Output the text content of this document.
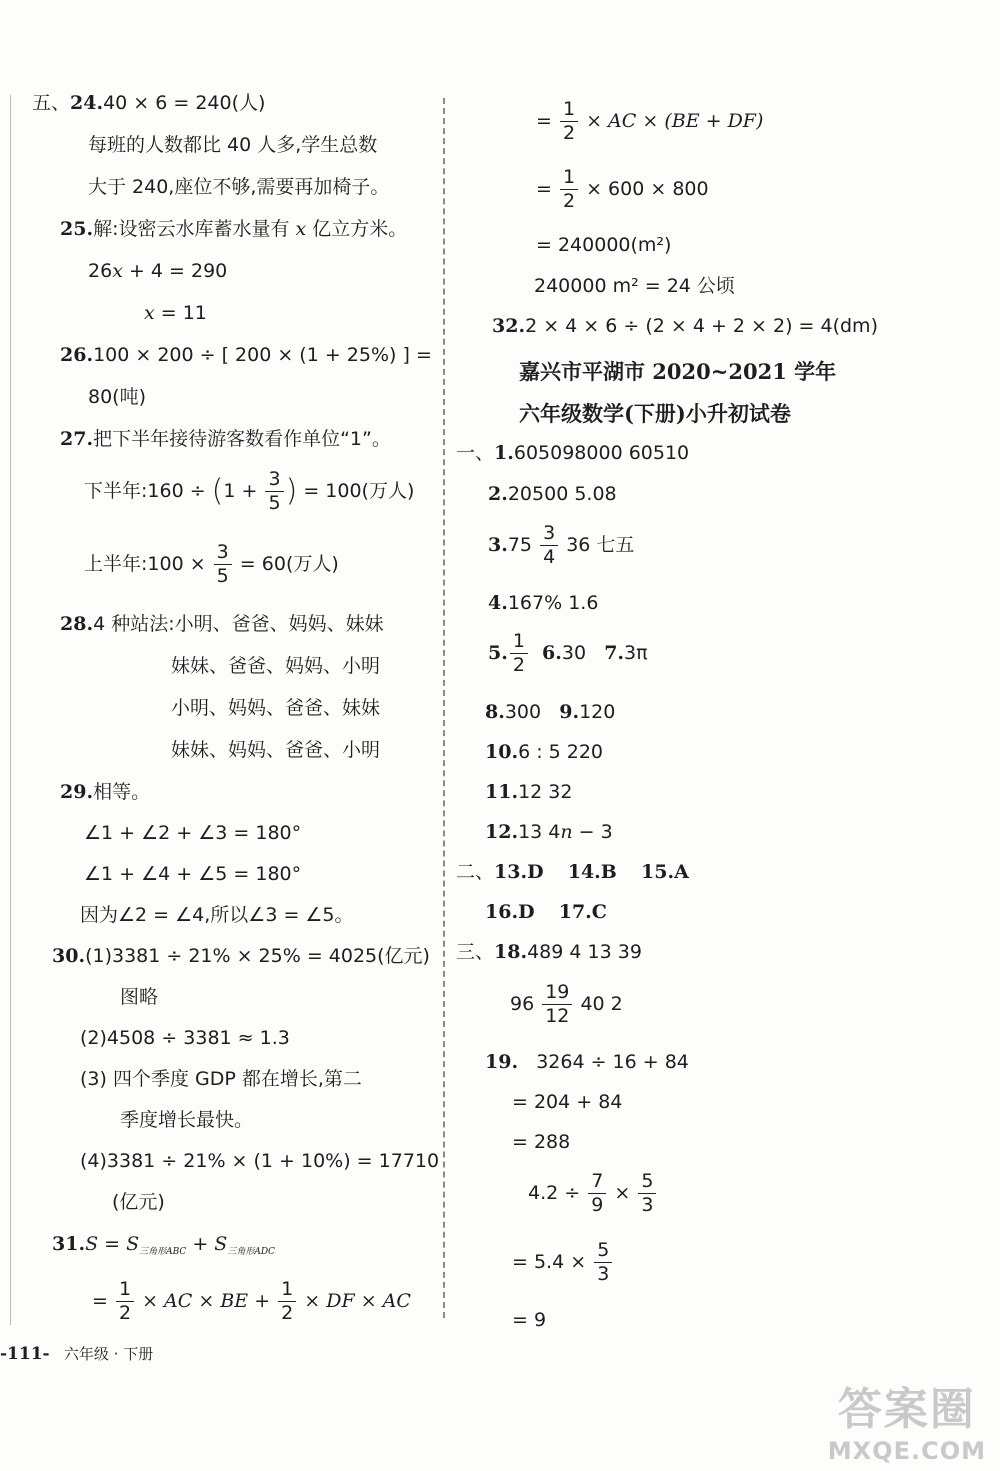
五、24.40 × 6 = 240(人)
每班的人数都比 40 人多,学生总数
大于 240,座位不够,需要再加椅子。
25.解:设密云水库蓄水量有 x 亿立方米。
26x + 4 = 290
x = 11
26.100 × 200 ÷ [ 200 × (1 + 25%) ] =
80(吨)
27.把下半年接待游客数看作单位“1”。
下半年:160 ÷ ($1 + \frac{3}{5}$ ) = 100(万人)
上半年:100 × $\frac{3}{5} = 60$(万人)
28.4 种站法:小明、爸爸、妈妈、妹妹
妹妹、爸爸、妈妈、小明
小明、妈妈、爸爸、妹妹
妹妹、妈妈、爸爸、小明
29.相等。
∠1 + ∠2 + ∠3 = 180°
∠1 + ∠4 + ∠5 = 180°
因为∠2 = ∠4,所以∠3 = ∠5。
30.(1)3381 ÷ 21% × 25% = 4025(亿元)
图略
(2)4508 ÷ 3381 ≈ 1.3
(3) 四个季度 GDP 都在增长,第二
季度增长最快。
(4)3381 ÷ 21% × (1 + 10%) = 17710
(亿元)
$31.S = S_{三角形ABC} + S_{三角形ADC}$
= $\frac{1}{2}$ × AC × BE + $\frac{1}{2}$ × DF × AC
= $\frac{1}{2}$ × AC × (BE + DF)
= $\frac{1}{2} \times 600 \times 800$
= 240000(m²)
240000 m² = 24 公顷
32.2 × 4 × 6 ÷ (2 × 4 + 2 × 2) = 4(dm)
嘉兴市平湖市 2020~2021 学年
六年级数学(下册)小升初试卷
一、1.605098000 60510
2.20500 5.08
$3.75 \frac{3}{4} 36$ 七五
4.167% 1.6
5. $\frac{1}{2} 6.30$ 7.3π
8.300 9.120
10.6 : 5 220
11.12 32
12.13 4n − 3
二、13.D 14.B 15.A
16.D 17.C
三、18.489 4 13 39
$96 \frac{19}{12} 40$ 2
19. 3264 ÷ 16 + 84
= 204 + 84
= 288
$4.2 \div \frac{7}{9} \times \frac{5}{3}$
= $5.4 \times \frac{5}{3}$
= 9
-111- 六年级 · 下册
答案圈
MXQE.COM
